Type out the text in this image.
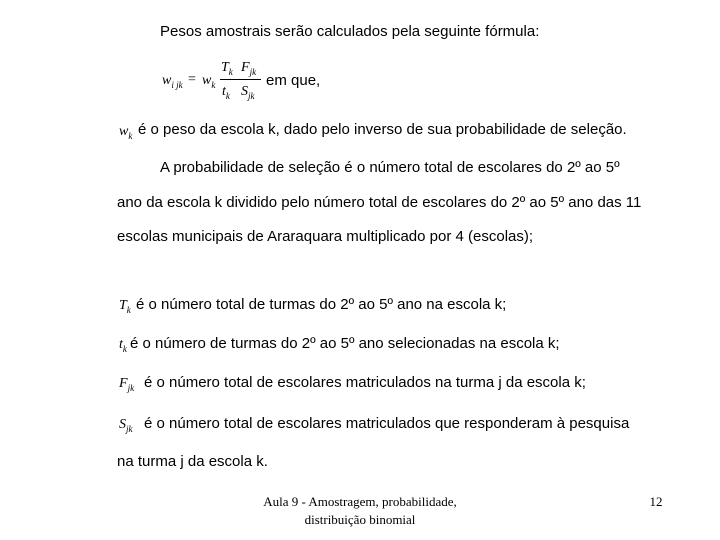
Pesos amostrais serão calculados pela seguinte fórmula:
$w_{i jk} = w_k$
$T_k$ $F_{jk}$
$t_k$ $S_{jk}$
em que,
$w_k$ é o peso da escola k, dado pelo inverso de sua probabilidade de seleção.
A probabilidade de seleção é o número total de escolares do 2º ao 5º
ano da escola k dividido pelo número total de escolares do 2º ao 5º ano das 11
escolas municipais de Araraquara multiplicado por 4 (escolas);
$T_k$ é o número total de turmas do 2º ao 5º ano na escola k;
$t_k$ é o número de turmas do 2º ao 5º ano selecionadas na escola k;
$F_{jk}$ é o número total de escolares matriculados na turma j da escola k;
$S_{jk}$ é o número total de escolares matriculados que responderam à pesquisa
na turma j da escola k.
Aula 9 - Amostragem, probabilidade,
distribuição binomial
12
